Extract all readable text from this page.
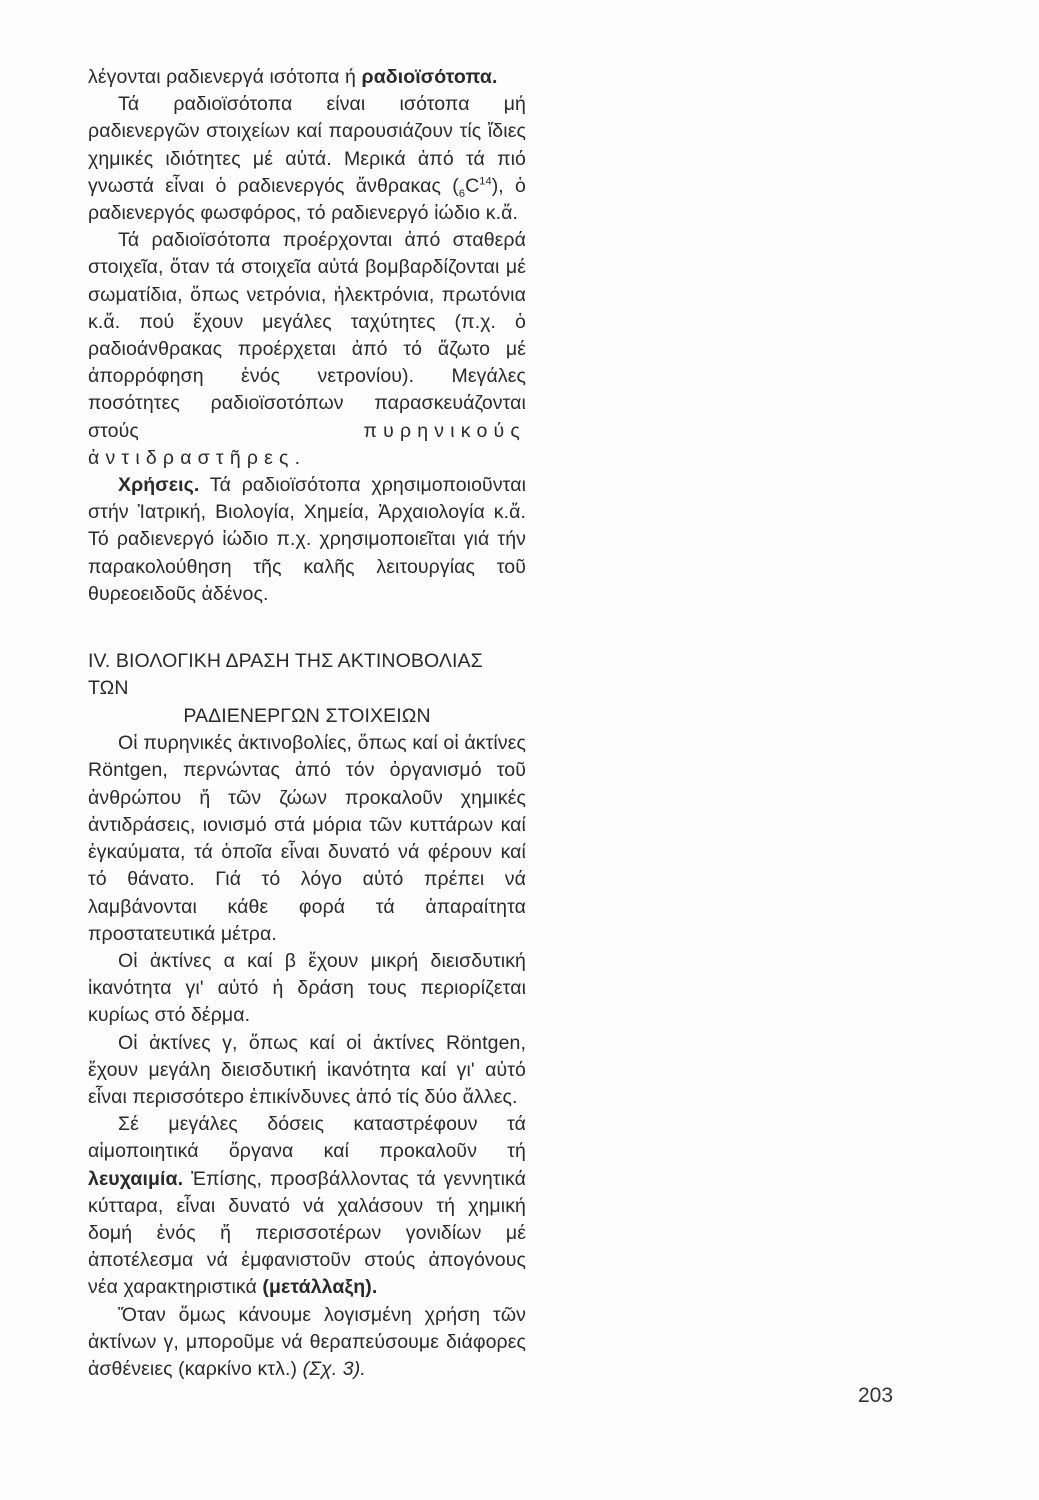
λέγονται ραδιενεργά ισότοπα ή ραδιοϊσότοπα.

Τά ραδιοϊσότοπα είναι ισότοπα μή ραδιενεργῶν στοιχείων καί παρουσιάζουν τίς ἴδιες χημικές ιδιότητες μέ αὐτά. Μερικά ἀπό τά πιό γνωστά εἶναι ὁ ραδιενεργός ἄνθρακας $(_6C^{14})$, ὁ ραδιενεργός φωσφόρος, τό ραδιενεργό ἰώδιο κ.ἄ.

Τά ραδιοϊσότοπα προέρχονται ἀπό σταθερά στοιχεῖα, ὅταν τά στοιχεῖα αὐτά βομβαρδίζονται μέ σωματίδια, ὅπως νετρόνια, ἠλεκτρόνια, πρωτόνια κ.ἄ. πού ἔχουν μεγάλες ταχύτητες (π.χ. ὁ ραδιοάνθρακας προέρχεται ἀπό τό ἄζωτο μέ ἀπορρόφηση ἑνός νετρονίου). Μεγάλες ποσότητες ραδιοϊσοτόπων παρασκευάζονται στούς	πυρηνικούς ἀντιδραστῆρες.

Χρήσεις. Τά ραδιοϊσότοπα χρησιμοποιοῦνται στήν Ἰατρική, Βιολογία, Χημεία, Ἀρχαιολογία κ.ἄ. Τό ραδιενεργό ἰώδιο π.χ. χρησιμοποιεῖται γιά τήν παρακολούθηση τῆς καλῆς λειτουργίας τοῦ θυρεοειδοῦς ἀδένος.

IV. ΒΙΟΛΟΓΙΚΗ ΔΡΑΣΗ ΤΗΣ ΑΚΤΙΝΟΒΟΛΙΑΣ ΤΩΝ
ΡΑΔΙΕΝΕΡΓΩΝ ΣΤΟΙΧΕΙΩΝ

Οἱ πυρηνικές ἀκτινοβολίες, ὅπως καί οἱ ἀκτίνες Röntgen, περνώντας ἀπό τόν ὀργανισμό τοῦ ἀνθρώπου ἤ τῶν ζώων προκαλοῦν χημικές ἀντιδράσεις, ιονισμό στά μόρια τῶν κυττάρων καί ἐγκαύματα, τά ὁποῖα εἶναι δυνατό νά φέρουν καί τό θάνατο. Γιά τό λόγο αὐτό πρέπει νά λαμβάνονται κάθε φορά τά ἀπαραίτητα προστατευτικά μέτρα.

Οἱ ἀκτίνες α καί β ἔχουν μικρή διεισδυτική ἱκανότητα γι' αὐτό ἡ δράση τους περιορίζεται κυρίως στό δέρμα.

Οἱ ἀκτίνες γ, ὅπως καί οἱ ἀκτίνες Röntgen, ἔχουν μεγάλη διεισδυτική ἱκανότητα καί γι' αὐτό εἶναι περισσότερο ἐπικίνδυνες ἀπό τίς δύο ἄλλες.

Σέ μεγάλες δόσεις καταστρέφουν τά αἱμοποιητικά ὄργανα καί προκαλοῦν τή λευχαιμία. Ἐπίσης, προσβάλλοντας τά γεννητικά κύτταρα, εἶναι δυνατό νά χαλάσουν τή χημική δομή ἑνός ἤ περισσοτέρων γονιδίων μέ ἀποτέλεσμα νά ἐμφανιστοῦν στούς ἀπογόνους νέα χαρακτηριστικά (μετάλλαξη).

Ὅταν ὅμως κάνουμε λογισμένη χρήση τῶν ἀκτίνων γ, μποροῦμε νά θεραπεύσουμε διάφορες ἀσθένειες (καρκίνο κτλ.) (Σχ. 3).

203
